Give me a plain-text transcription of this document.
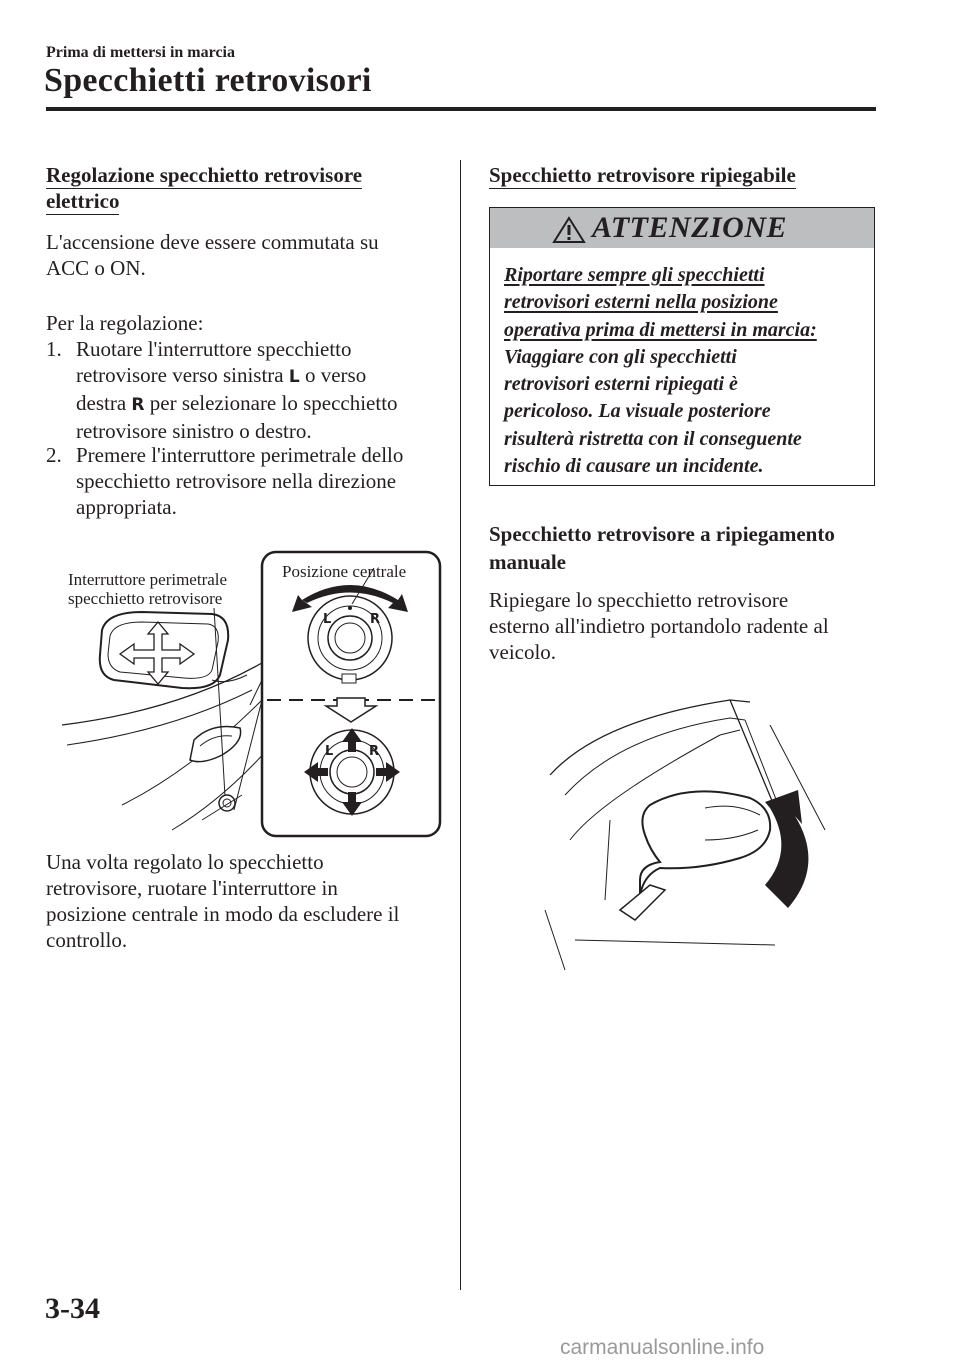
Prima di mettersi in marcia
Specchietti retrovisori
Regolazione specchietto retrovisore
elettrico
L'accensione deve essere commutata su
ACC o ON.
Per la regolazione:
1. Ruotare l'interruttore specchietto
retrovisore verso sinistra L o verso
destra R per selezionare lo specchietto
retrovisore sinistro o destro.
2. Premere l'interruttore perimetrale dello
specchietto retrovisore nella direzione
appropriata.
Interruttore perimetrale
specchietto retrovisore
Posizione centrale
L	R
L	R
Una volta regolato lo specchietto
retrovisore, ruotare l'interruttore in
posizione centrale in modo da escludere il
controllo.
Specchietto retrovisore ripiegabile
ATTENZIONE
Riportare sempre gli specchietti
retrovisori esterni nella posizione
operativa prima di mettersi in marcia:
Viaggiare con gli specchietti
retrovisori esterni ripiegati è
pericoloso. La visuale posteriore
risulterà ristretta con il conseguente
rischio di causare un incidente.
Specchietto retrovisore a ripiegamento
manuale
Ripiegare lo specchietto retrovisore
esterno all'indietro portandolo radente al
veicolo.
3-34
carmanualsonline.info
